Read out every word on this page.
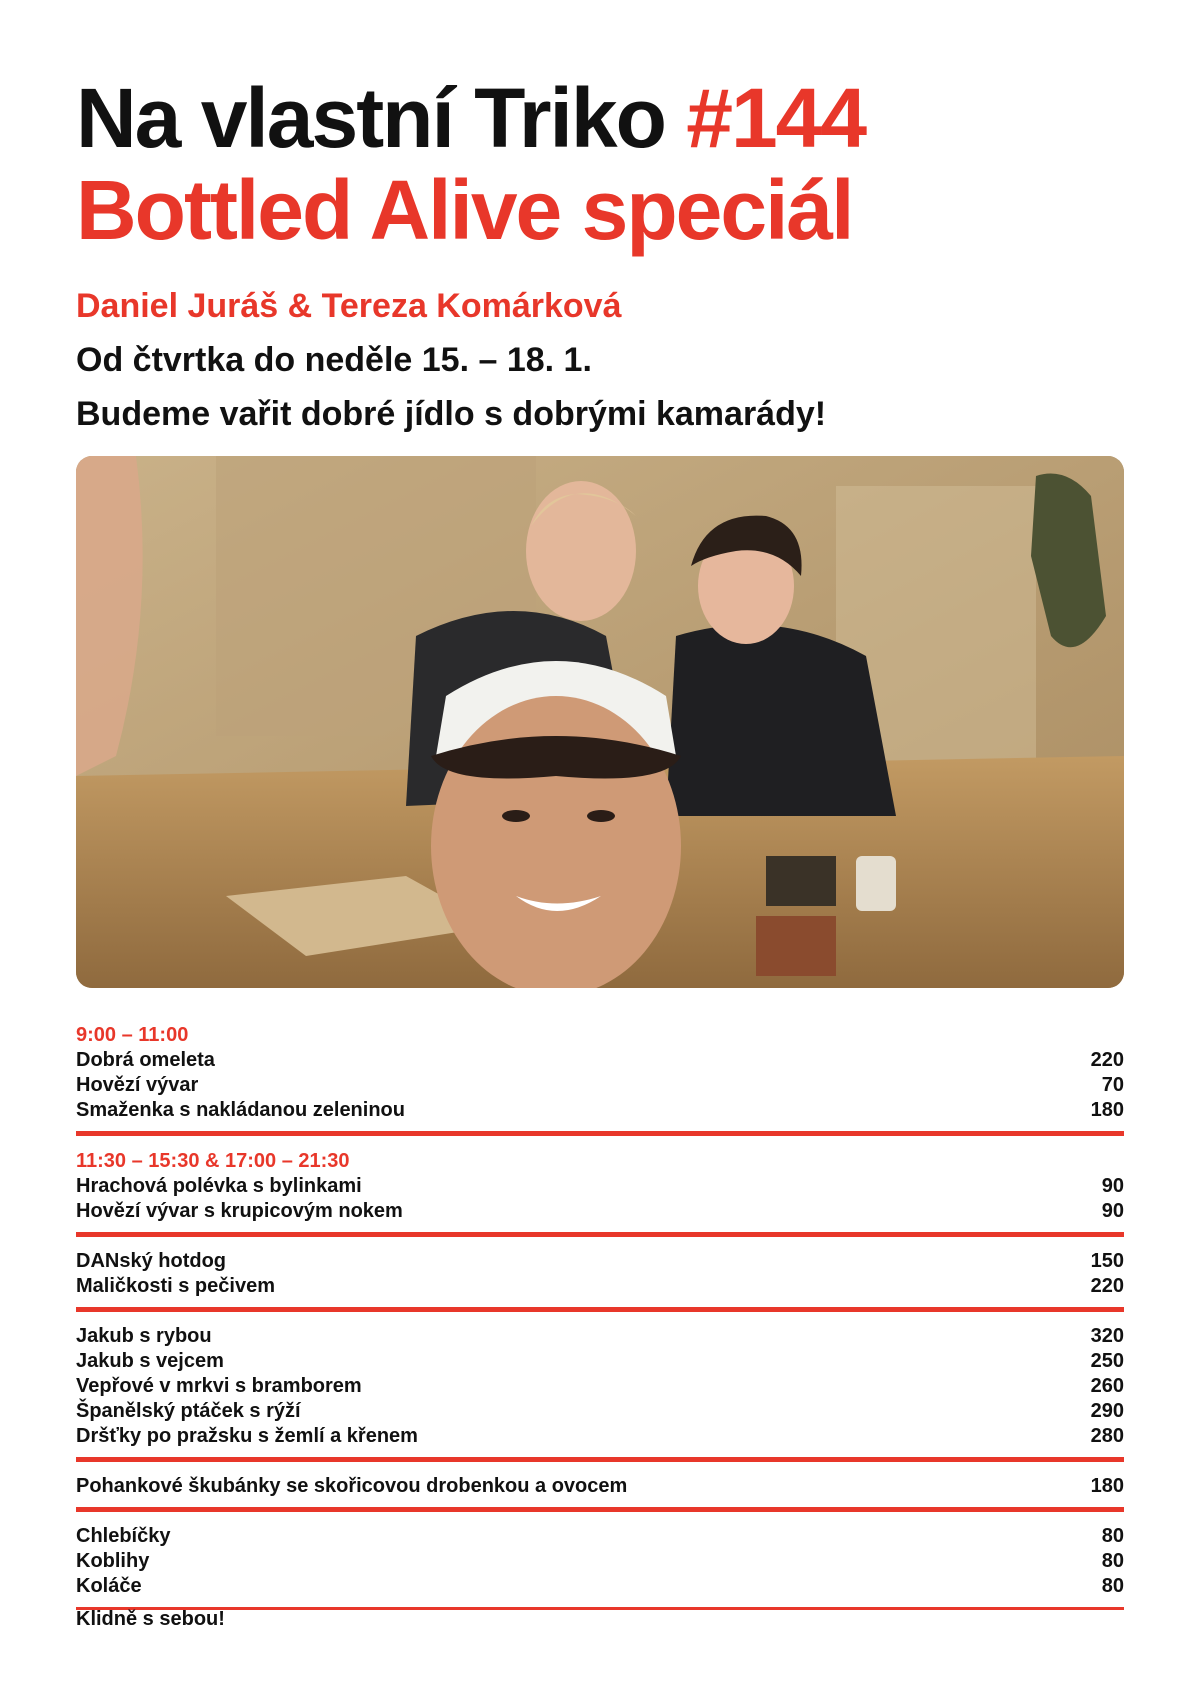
Na vlastní Triko #144
Bottled Alive speciál
Daniel Juráš & Tereza Komárková
Od čtvrtka do neděle 15. – 18. 1.
Budeme vařit dobré jídlo s dobrými kamarády!
9:00 – 11:00
Dobrá omeleta	220
Hovězí vývar	70
Smaženka s nakládanou zeleninou	180
11:30 – 15:30 & 17:00 – 21:30
Hrachová polévka s bylinkami	90
Hovězí vývar s krupicovým nokem	90
DANský hotdog	150
Maličkosti s pečivem	220
Jakub s rybou	320
Jakub s vejcem	250
Vepřové v mrkvi s bramborem	260
Španělský ptáček s rýží	290
Dršťky po pražsku s žemlí a křenem	280
Pohankové škubánky se skořicovou drobenkou a ovocem	180
Chlebíčky	80
Koblihy	80
Koláče	80
Klidně s sebou!
